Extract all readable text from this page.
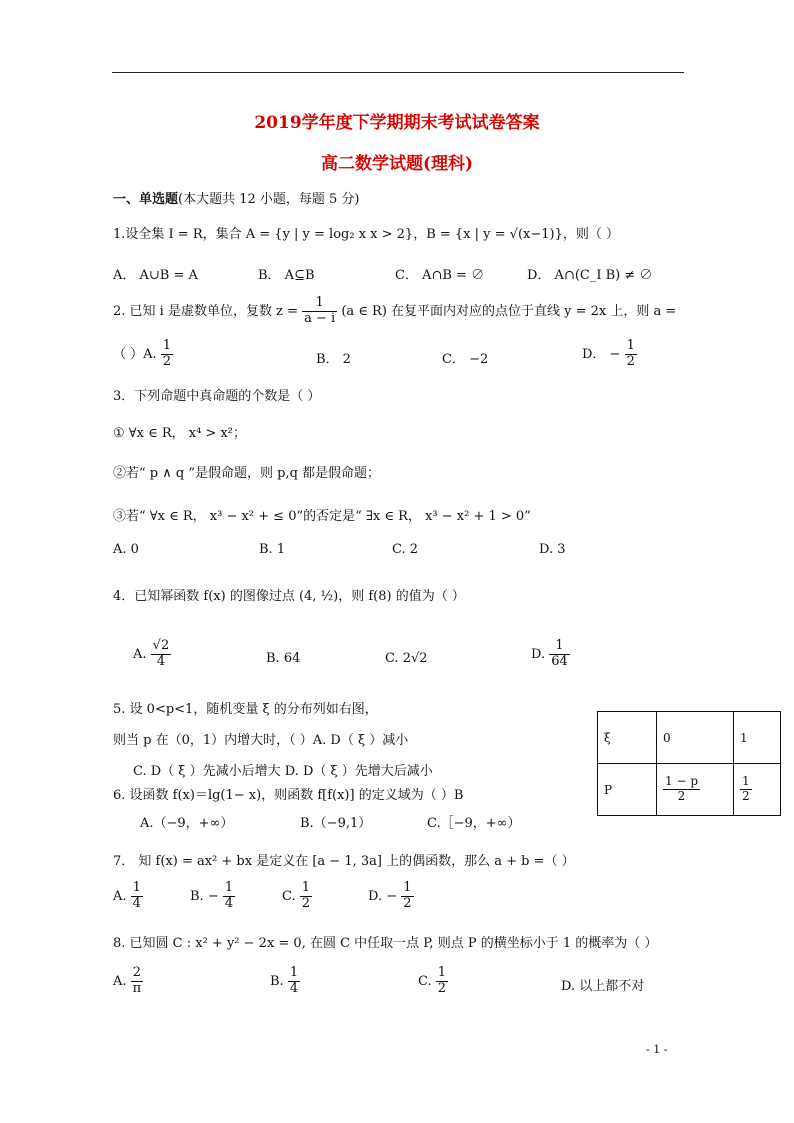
2019学年度下学期期末考试试卷答案
高二数学试题(理科)
一、单选题(本大题共 12 小题，每题 5 分)
1.设全集 I = R，集合 A = {y | y = log₂ x x > 2}，B = {x | y = √(x−1)}，则（ ）
A． A∪B = A	B． A⊆B	C． A∩B = ∅	D． A∩(C_I B) ≠ ∅
2. 已知 i 是虚数单位，复数 $z = \frac{1}{a - i} (a$ ∈ R) 在复平面内对应的点位于直线 y = 2x 上，则 a =
（ ）A. $\frac{1}{2}$	B． 2	C． −2	D． − $\frac{1}{2}$
3．下列命题中真命题的个数是（ ）
① ∀x ∈ R， x⁴ > x²；
②若“ p ∧ q ”是假命题，则 p,q 都是假命题；
③若“ ∀x ∈ R， x³ − x² + ≤ 0”的否定是“ ∃x ∈ R， x³ − x² + 1 > 0”
A. 0	B. 1	C. 2	D. 3
4．已知幂函数 f(x) 的图像过点 (4, ½)，则 f(8) 的值为（ ）
A. $\frac{√2}{4}$	B. 64	C. 2√2	D. $\frac{1}{64}$
5. 设 0<p<1，随机变量 ξ 的分布列如右图，
则当 p 在（0，1）内增大时，（ ）A. D（ ξ ）减小
C. D（ ξ ）先减小后增大 D. D（ ξ ）先增大后减小
ξ	0	1
P	$\frac{1 - p}{2}$	$\frac{1}{2}$
6. 设函数 f(x)＝lg(1− x)，则函数 f[f(x)] 的定义域为（ ）B
A.（−9，+∞）	B.（−9,1）	C.［−9，+∞）
7． 知 f(x) = ax² + bx 是定义在 [a − 1, 3a] 上的偶函数，那么 a + b =（ ）
A. $\frac{1}{4}$	B. − $\frac{1}{4}$	C. $\frac{1}{2}$	D. − $\frac{1}{2}$
8. 已知圆 C : x² + y² − 2x = 0, 在圆 C 中任取一点 P, 则点 P 的横坐标小于 1 的概率为（ ）
A. $\frac{2}{\pi}$	B. $\frac{1}{4}$	C. $\frac{1}{2}$	D. 以上都不对
- 1 -
